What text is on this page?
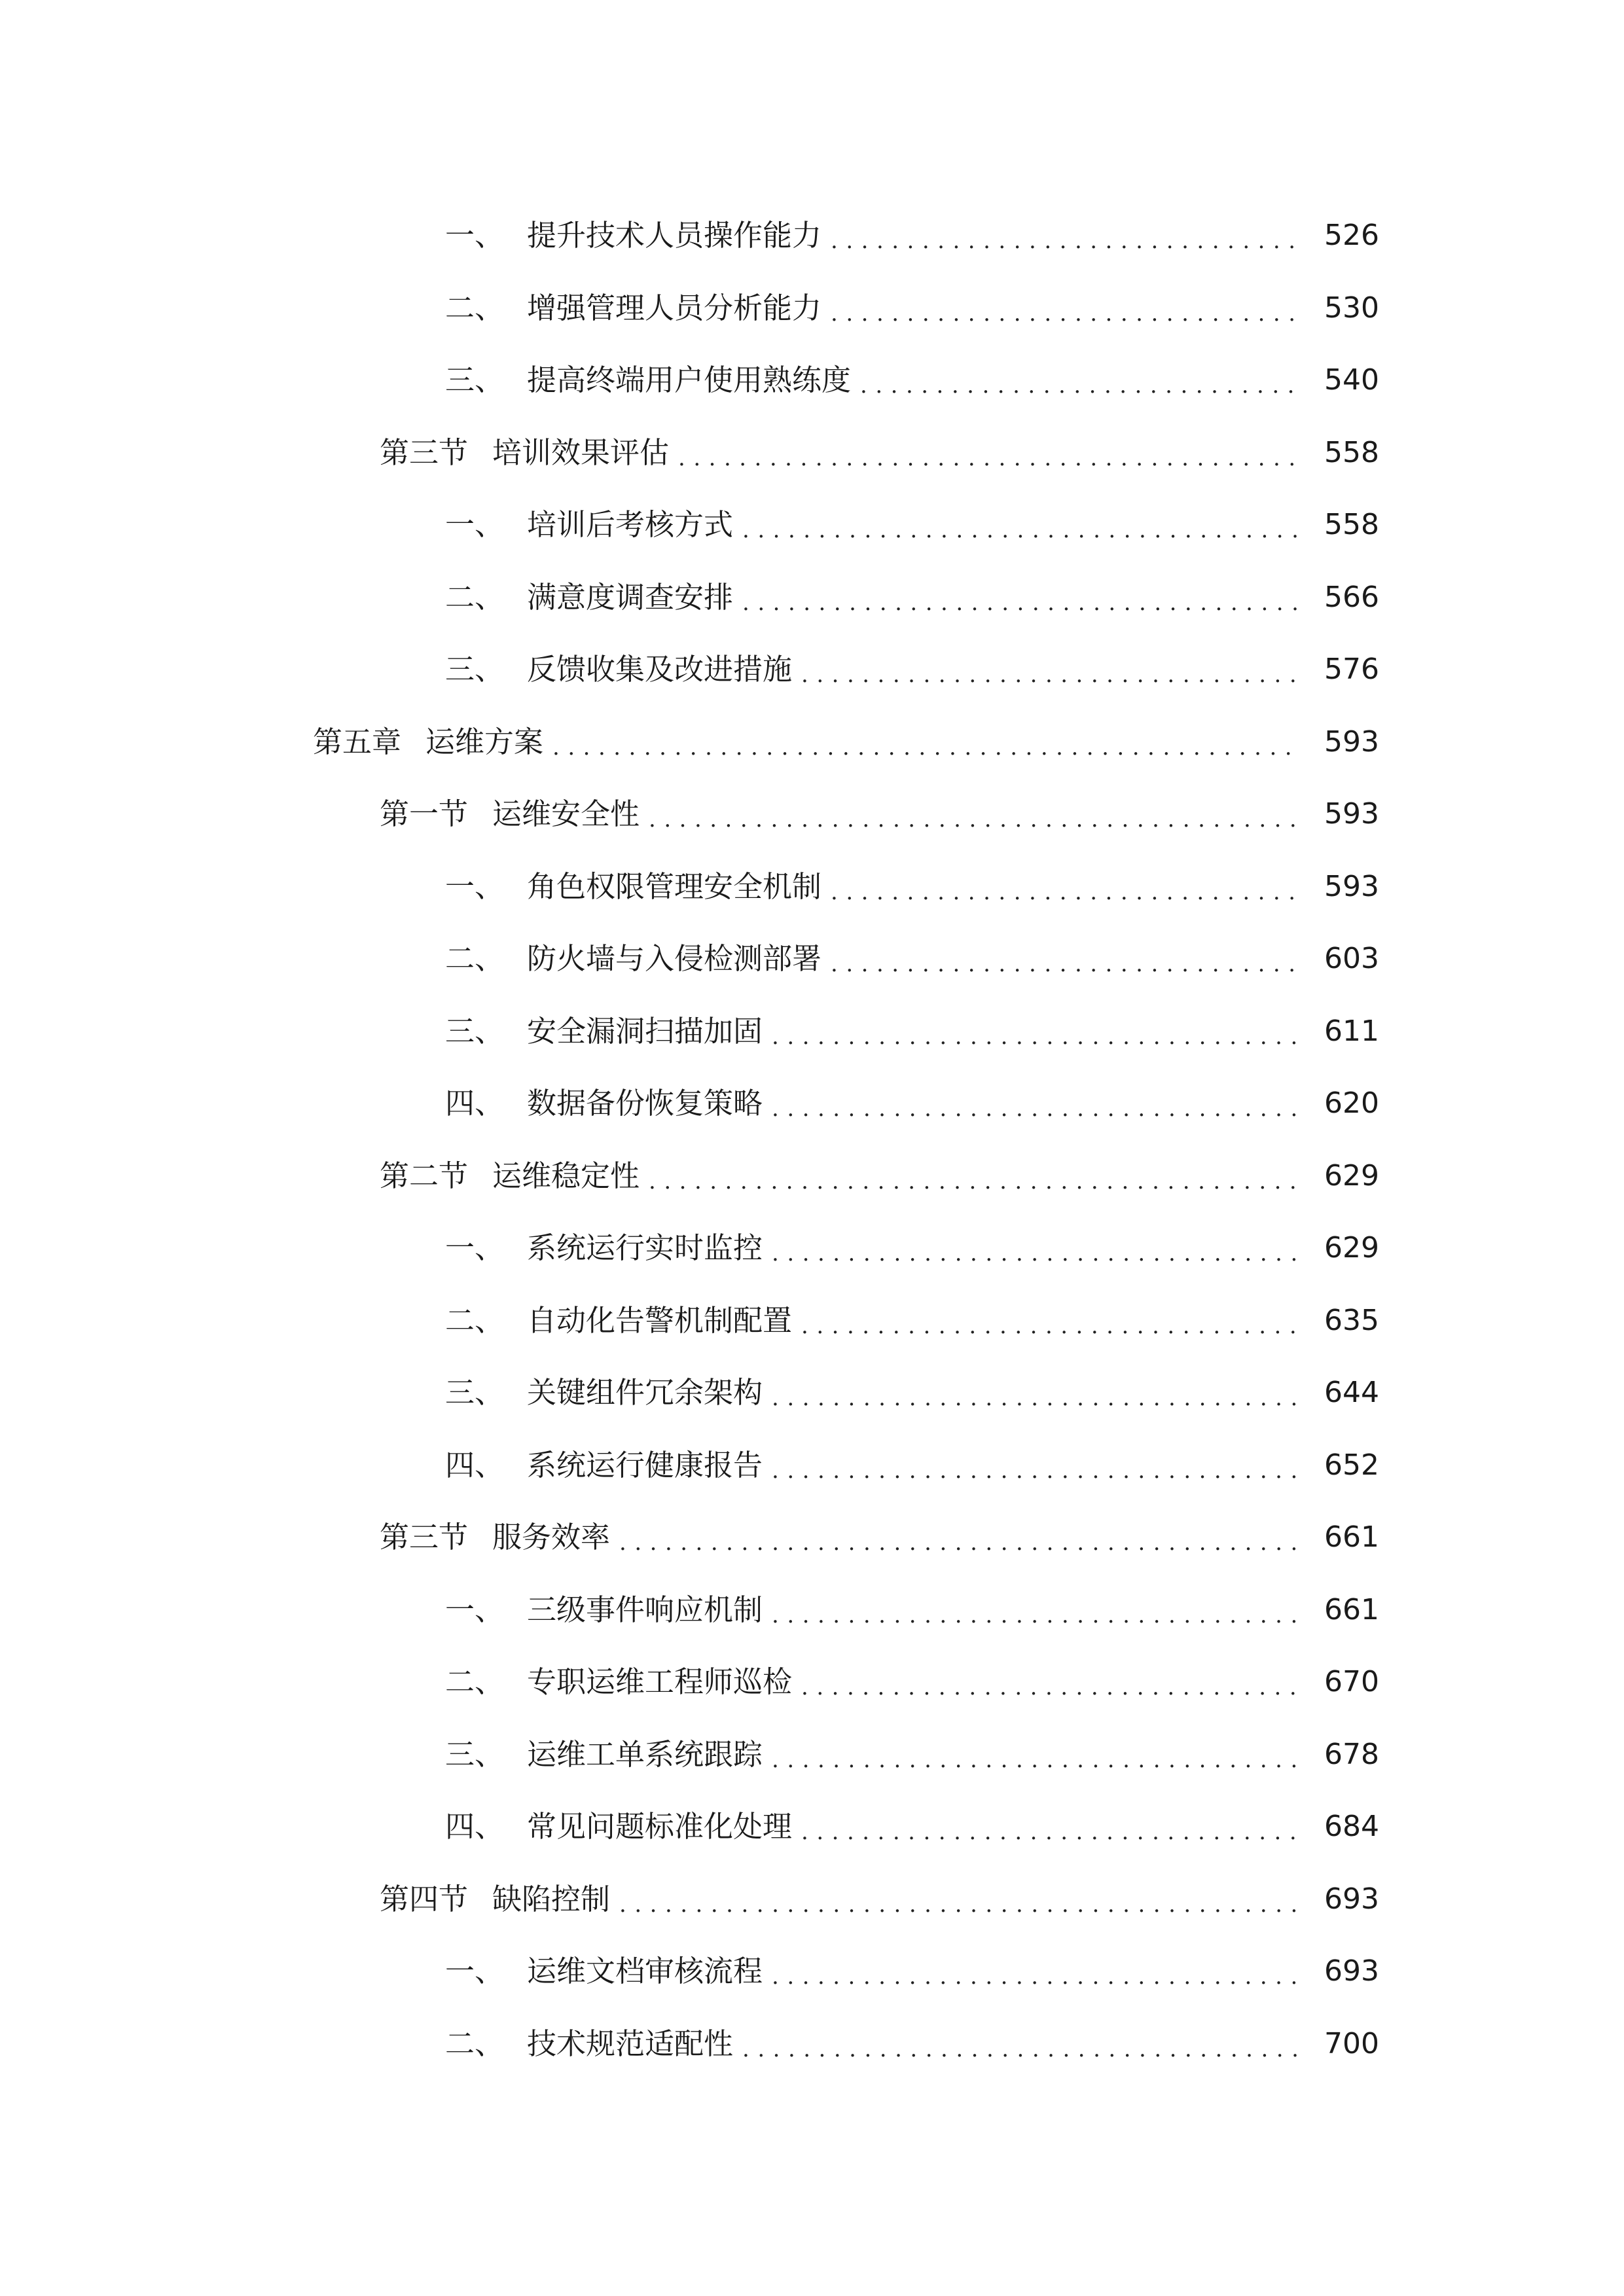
一、 提升技术人员操作能力 .....	526
二、 增强管理人员分析能力 .....	530
三、 提高终端用户使用熟练度 .....	540
第三节 培训效果评估 .....	558
一、 培训后考核方式 .....	558
二、 满意度调查安排 .....	566
三、 反馈收集及改进措施 .....	576
第五章 运维方案 .....	593
第一节 运维安全性 .....	593
一、 角色权限管理安全机制 .....	593
二、 防火墙与入侵检测部署 .....	603
三、 安全漏洞扫描加固 .....	611
四、 数据备份恢复策略 .....	620
第二节 运维稳定性 .....	629
一、 系统运行实时监控 .....	629
二、 自动化告警机制配置 .....	635
三、 关键组件冗余架构 .....	644
四、 系统运行健康报告 .....	652
第三节 服务效率 .....	661
一、 三级事件响应机制 .....	661
二、 专职运维工程师巡检 .....	670
三、 运维工单系统跟踪 .....	678
四、 常见问题标准化处理 .....	684
第四节 缺陷控制 .....	693
一、 运维文档审核流程 .....	693
二、 技术规范适配性 .....	700
